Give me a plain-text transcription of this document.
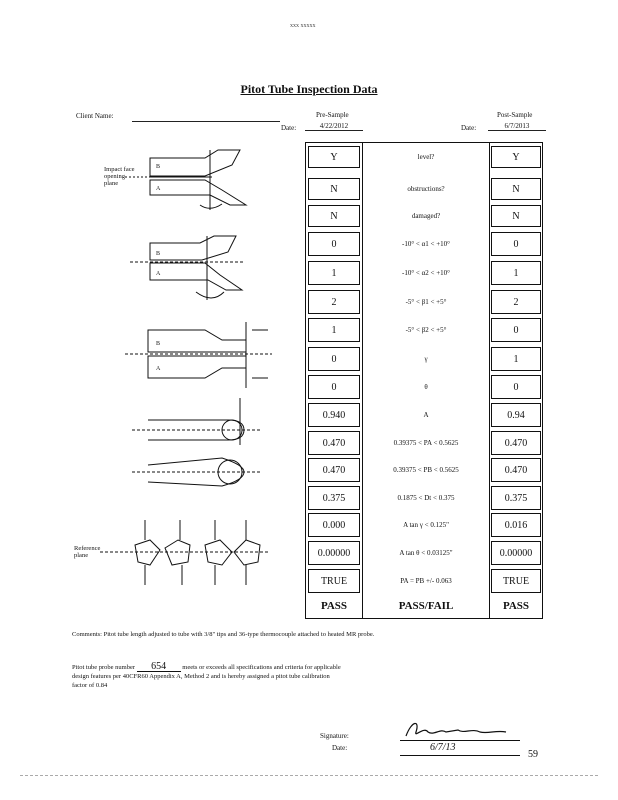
xxx xxxxx
Pitot Tube Inspection Data
Client Name:	Pre-Sample
Date:	4/22/2012
Post-Sample
Date:	6/7/2013
Impact face
opening
plane
Reference
plane
B
A
B
A
B
A
Y	level?	Y
N	obstructions?	N
N	damaged?	N
0	-10° < α1 < +10°	0
1	-10° < α2 < +10°	1
2	-5° < β1 < +5°	2
1	-5° < β2 < +5°	0
0	γ	1
0	θ	0
0.940	A	0.94
0.470	0.39375 < PA < 0.5625	0.470
0.470	0.39375 < PB < 0.5625	0.470
0.375	0.1875 < Dt < 0.375	0.375
0.000	A tan γ < 0.125"	0.016
0.00000	A tan θ < 0.03125"	0.00000
TRUE	PA = PB +/- 0.063	TRUE
PASS	PASS/FAIL	PASS
Comments: Pitot tube length adjusted to tube with 3/8" tips and 36-type thermocouple attached to heated MR probe.
Pitot tube probe number 654 meets or exceeds all specifications and criteria for applicable
design features per 40CFR60 Appendix A, Method 2 and is hereby assigned a pitot tube calibration
factor of 0.84
Signature:
Date:	6/7/13
59
